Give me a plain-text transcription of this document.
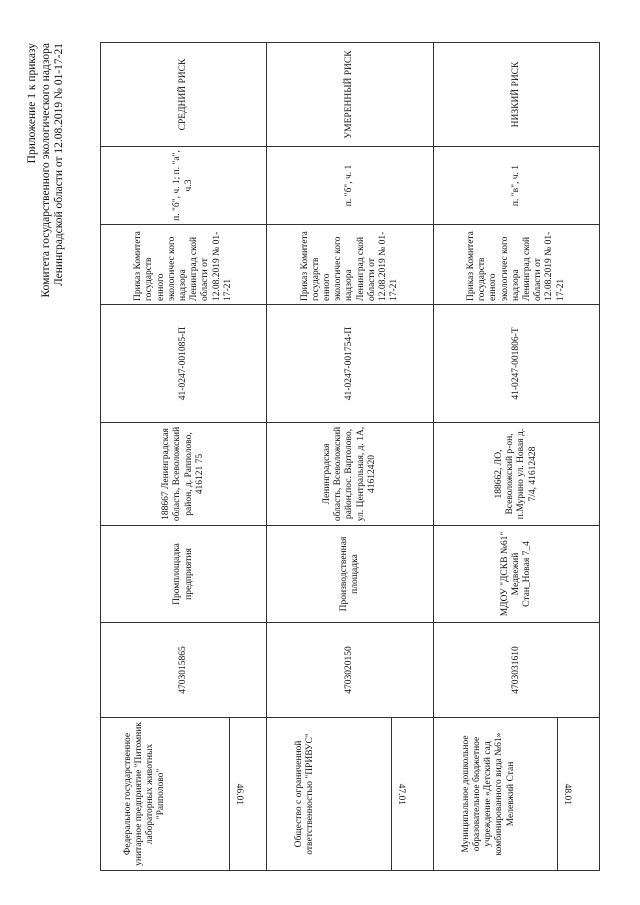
Приложение 1 к приказу Комитета государственного экологического надзора Ленинградской области от 12.08.2019 № 01-17-21
Федеральное государственное унитарное предприятие "Питомник лабораторных животных "Рапполово" 46.01	4703015865	Промплощадка предприятия	188667 Ленинградская область, Всеволожский район, д. Рапполово, 416121 75	41-0247-001085-П	Приказ Комитета государств енного экологичес кого надзора Ленинград ской области от 12.08.2019 № 01-17-21	п. "б", ч. 1; п. "а", ч.3	СРЕДНИЙ РИСК

Общество с ограниченной ответственностью "ПРИВУС" 47.01	4703020150	Производственная площадка	Ленинградская область, Всеволожский район,пос. Вартолово, ул. Центральная, д. 1А, 41612420	41-0247-001754-П	Приказ Комитета государств енного экологичес кого надзора Ленинград ской области от 12.08.2019 № 01-17-21	п. "б", ч. 1	УМЕРЕННЫЙ РИСК

Муниципальное дошкольное образовательное бюджетное учреждение «Детский сад комбинированного вида №61» Мелевжий Стан 48.01	4703031610	МДОУ "ДСКВ №61" Медвежий Стан_Новая 7_4	188662, ЛО, Всеволожский р-он, п.Мурино ул. Новая д. 7/4, 41612428	41-0247-001806-Т	Приказ Комитета государств енного экологичес кого надзора Ленинград ской области от 12.08.2019 № 01-17-21	п. "в", ч. 1	НИЗКИЙ РИСК
